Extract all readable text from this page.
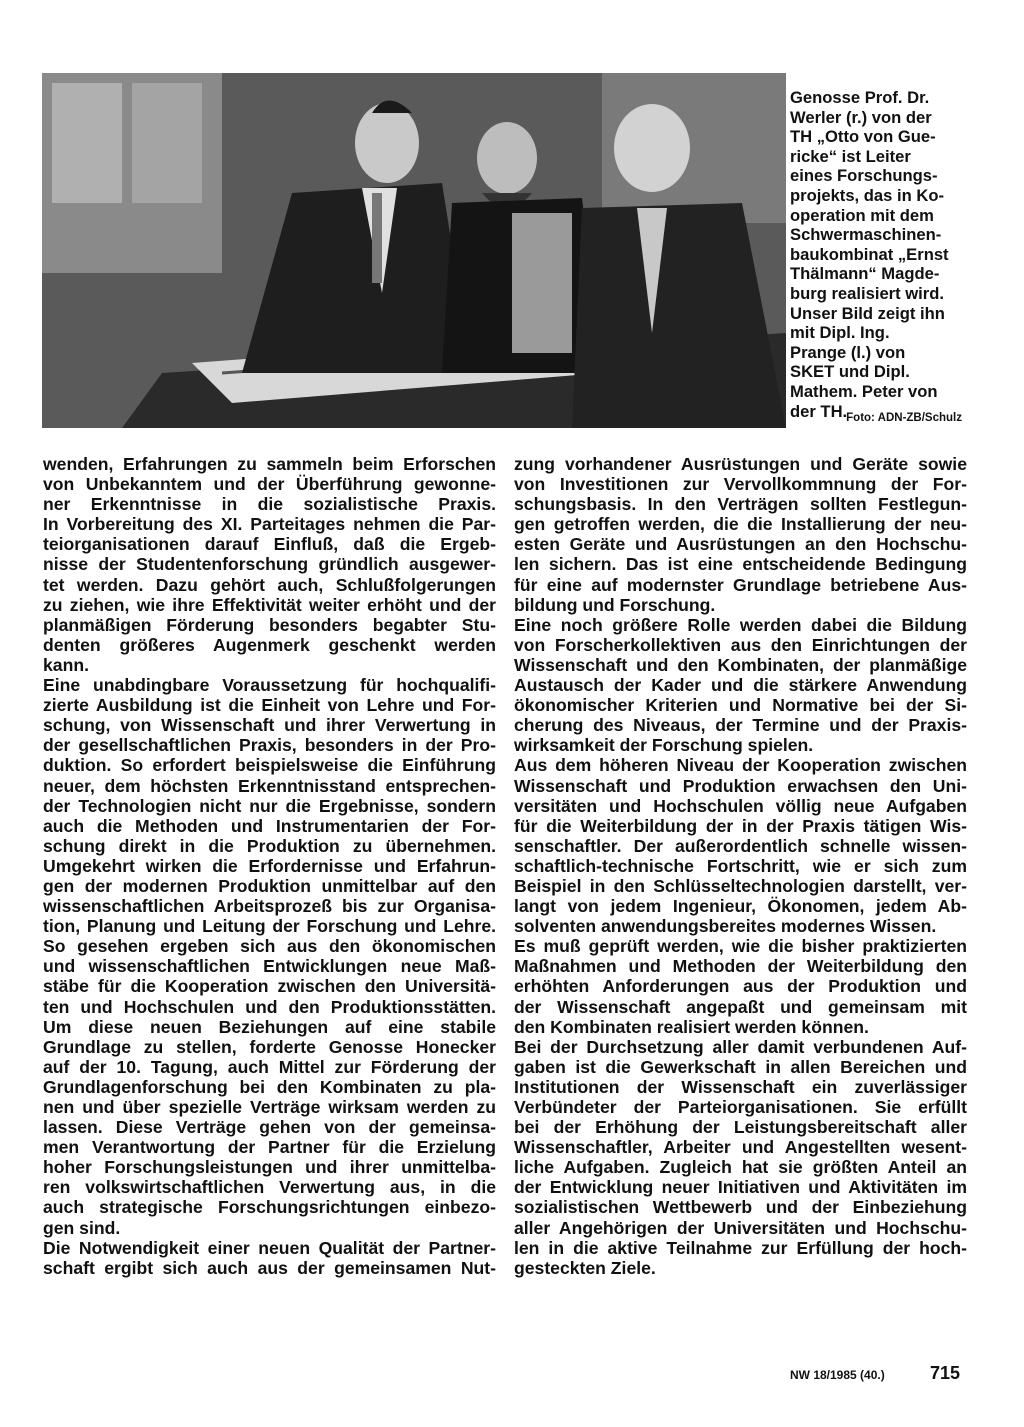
Genosse Prof. Dr.

Werler (r.) von der

TH „Otto von Gue-

ricke“ ist Leiter

eines Forschungs-

projekts, das in Ko-

operation mit dem

Schwermaschinen-

baukombinat „Ernst

Thälmann“ Magde-

burg realisiert wird.

Unser Bild zeigt ihn

mit Dipl. Ing.

Prange (l.) von

SKET und Dipl.

Mathem. Peter von

der TH.

Foto: ADN-ZB/Schulz

wenden, Erfahrungen zu sammeln beim Erforschen

von Unbekanntem und der Überführung gewonne-

ner Erkenntnisse in die sozialistische Praxis.

In Vorbereitung des XI. Parteitages nehmen die Par-

teiorganisationen darauf Einfluß, daß die Ergeb-

nisse der Studentenforschung gründlich ausgewer-

tet werden. Dazu gehört auch, Schlußfolgerungen

zu ziehen, wie ihre Effektivität weiter erhöht und der

planmäßigen Förderung besonders begabter Stu-

denten größeres Augenmerk geschenkt werden

kann.

Eine unabdingbare Voraussetzung für hochqualifi-

zierte Ausbildung ist die Einheit von Lehre und For-

schung, von Wissenschaft und ihrer Verwertung in

der gesellschaftlichen Praxis, besonders in der Pro-

duktion. So erfordert beispielsweise die Einführung

neuer, dem höchsten Erkenntnisstand entsprechen-

der Technologien nicht nur die Ergebnisse, sondern

auch die Methoden und Instrumentarien der For-

schung direkt in die Produktion zu übernehmen.

Umgekehrt wirken die Erfordernisse und Erfahrun-

gen der modernen Produktion unmittelbar auf den

wissenschaftlichen Arbeitsprozeß bis zur Organisa-

tion, Planung und Leitung der Forschung und Lehre.

So gesehen ergeben sich aus den ökonomischen

und wissenschaftlichen Entwicklungen neue Maß-

stäbe für die Kooperation zwischen den Universitä-

ten und Hochschulen und den Produktionsstätten.

Um diese neuen Beziehungen auf eine stabile

Grundlage zu stellen, forderte Genosse Honecker

auf der 10. Tagung, auch Mittel zur Förderung der

Grundlagenforschung bei den Kombinaten zu pla-

nen und über spezielle Verträge wirksam werden zu

lassen. Diese Verträge gehen von der gemeinsa-

men Verantwortung der Partner für die Erzielung

hoher Forschungsleistungen und ihrer unmittelba-

ren volkswirtschaftlichen Verwertung aus, in die

auch strategische Forschungsrichtungen einbezo-

gen sind.

Die Notwendigkeit einer neuen Qualität der Partner-

schaft ergibt sich auch aus der gemeinsamen Nut-

zung vorhandener Ausrüstungen und Geräte sowie

von Investitionen zur Vervollkommnung der For-

schungsbasis. In den Verträgen sollten Festlegun-

gen getroffen werden, die die Installierung der neu-

esten Geräte und Ausrüstungen an den Hochschu-

len sichern. Das ist eine entscheidende Bedingung

für eine auf modernster Grundlage betriebene Aus-

bildung und Forschung.

Eine noch größere Rolle werden dabei die Bildung

von Forscherkollektiven aus den Einrichtungen der

Wissenschaft und den Kombinaten, der planmäßige

Austausch der Kader und die stärkere Anwendung

ökonomischer Kriterien und Normative bei der Si-

cherung des Niveaus, der Termine und der Praxis-

wirksamkeit der Forschung spielen.

Aus dem höheren Niveau der Kooperation zwischen

Wissenschaft und Produktion erwachsen den Uni-

versitäten und Hochschulen völlig neue Aufgaben

für die Weiterbildung der in der Praxis tätigen Wis-

senschaftler. Der außerordentlich schnelle wissen-

schaftlich-technische Fortschritt, wie er sich zum

Beispiel in den Schlüsseltechnologien darstellt, ver-

langt von jedem Ingenieur, Ökonomen, jedem Ab-

solventen anwendungsbereites modernes Wissen.

Es muß geprüft werden, wie die bisher praktizierten

Maßnahmen und Methoden der Weiterbildung den

erhöhten Anforderungen aus der Produktion und

der Wissenschaft angepaßt und gemeinsam mit

den Kombinaten realisiert werden können.

Bei der Durchsetzung aller damit verbundenen Auf-

gaben ist die Gewerkschaft in allen Bereichen und

Institutionen der Wissenschaft ein zuverlässiger

Verbündeter der Parteiorganisationen. Sie erfüllt

bei der Erhöhung der Leistungsbereitschaft aller

Wissenschaftler, Arbeiter und Angestellten wesent-

liche Aufgaben. Zugleich hat sie größten Anteil an

der Entwicklung neuer Initiativen und Aktivitäten im

sozialistischen Wettbewerb und der Einbeziehung

aller Angehörigen der Universitäten und Hochschu-

len in die aktive Teilnahme zur Erfüllung der hoch-

gesteckten Ziele.

NW 18/1985 (40.)	715
